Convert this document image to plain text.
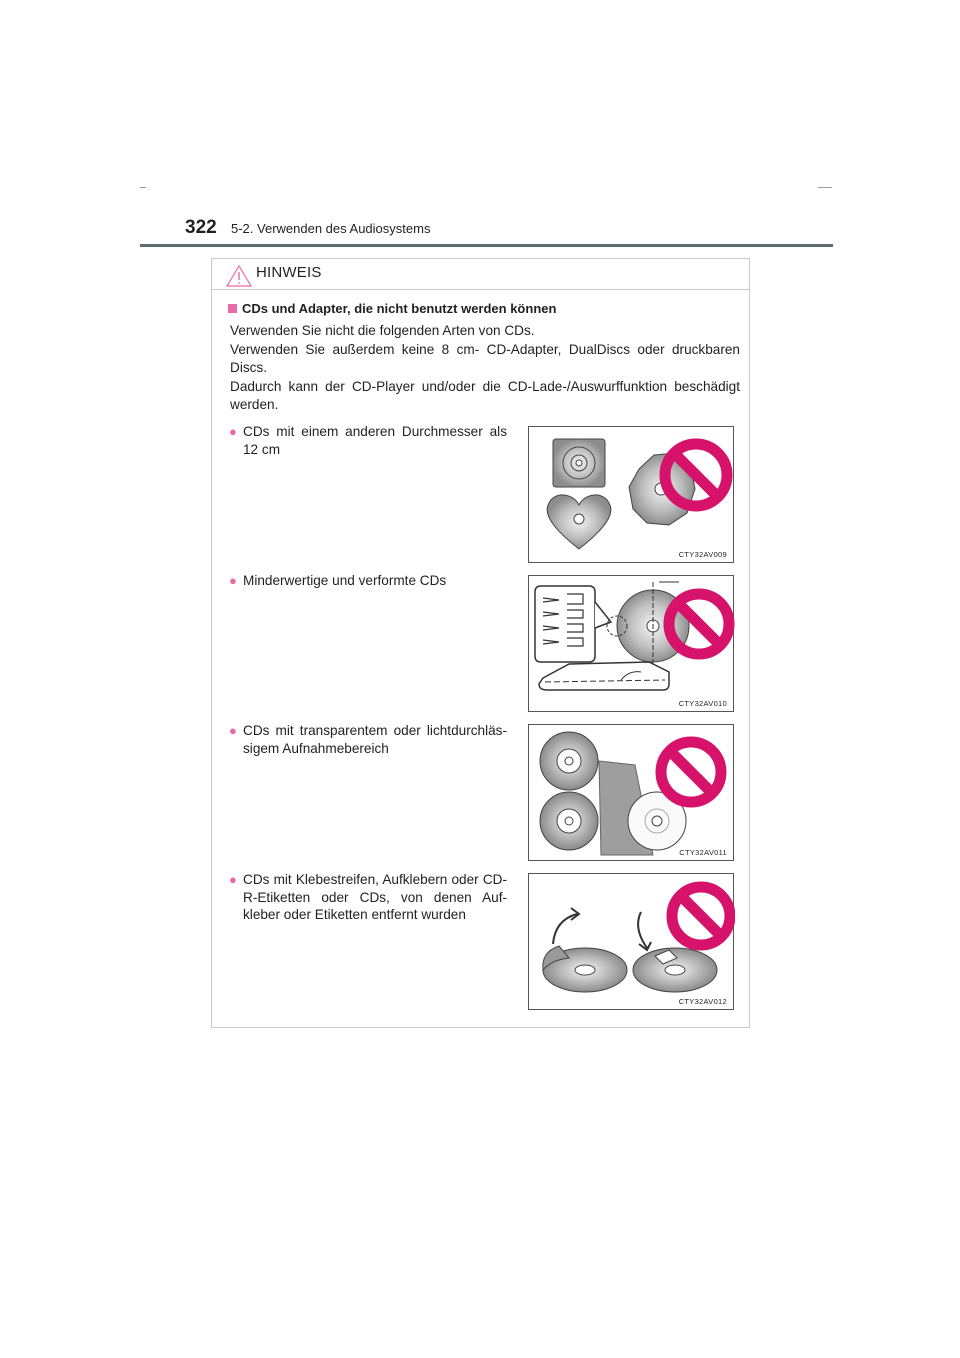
322 5-2. Verwenden des Audiosystems
HINWEIS
CDs und Adapter, die nicht benutzt werden können

Verwenden Sie nicht die folgenden Arten von CDs.

Verwenden Sie außerdem keine 8 cm- CD-Adapter, DualDiscs oder druckbaren Discs.

Dadurch kann der CD-Player und/oder die CD-Lade-/Auswurffunktion beschädigt werden.

● CDs mit einem anderen Durchmesser als 12 cm
CTY32AV009
● Minderwertige und verformte CDs
CTY32AV010
● CDs mit transparentem oder lichtdurchläs-sigem Aufnahmebereich
CTY32AV011
● CDs mit Klebestreifen, Aufklebern oder CD-R-Etiketten oder CDs, von denen Auf-kleber oder Etiketten entfernt wurden
CTY32AV012
